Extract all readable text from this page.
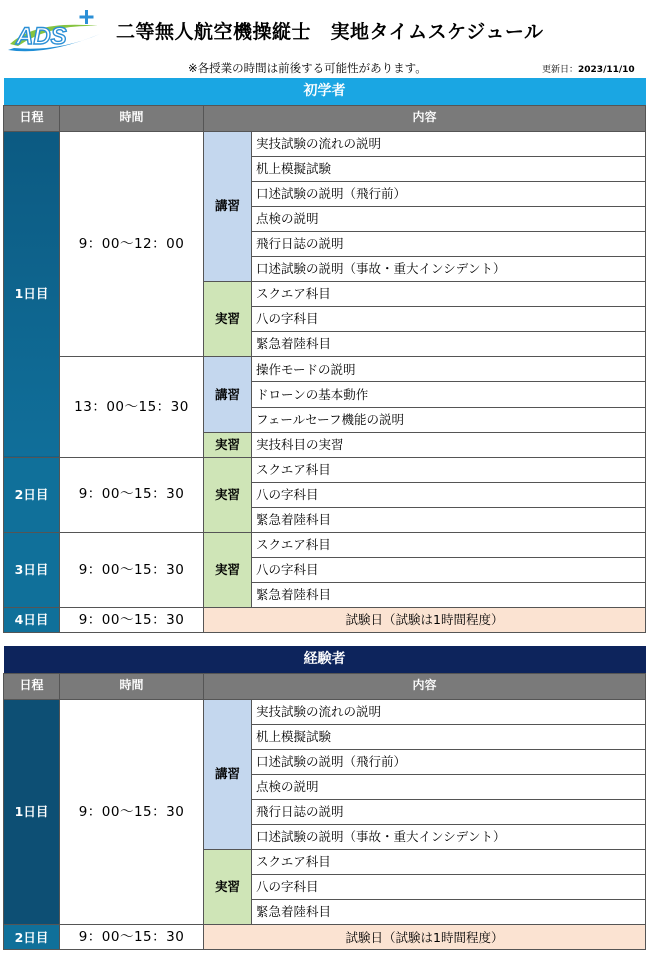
ADS	二等無人航空機操縦士　実地タイムスケジュール
※各授業の時間は前後する可能性があります。	更新日：2023/11/10
初学者			
日程	時間	内容	
1日目	9：00～12：00	講習	実技試験の流れの説明
			机上模擬試験
			口述試験の説明（飛行前）
			点検の説明
			飛行日誌の説明
			口述試験の説明（事故・重大インシデント）
		実習	スクエア科目
			八の字科目
			緊急着陸科目
	13：00～15：30	講習	操作モードの説明
			ドローンの基本動作
			フェールセーフ機能の説明
		実習	実技科目の実習
2日目	9：00～15：30	実習	スクエア科目
			八の字科目
			緊急着陸科目
3日目	9：00～15：30	実習	スクエア科目
			八の字科目
			緊急着陸科目
4日目	9：00～15：30	試験日（試験は1時間程度）	
経験者			
日程	時間	内容	
1日目	9：00～15：30	講習	実技試験の流れの説明
			机上模擬試験
			口述試験の説明（飛行前）
			点検の説明
			飛行日誌の説明
			口述試験の説明（事故・重大インシデント）
		実習	スクエア科目
			八の字科目
			緊急着陸科目
2日目	9：00～15：30	試験日（試験は1時間程度）	
